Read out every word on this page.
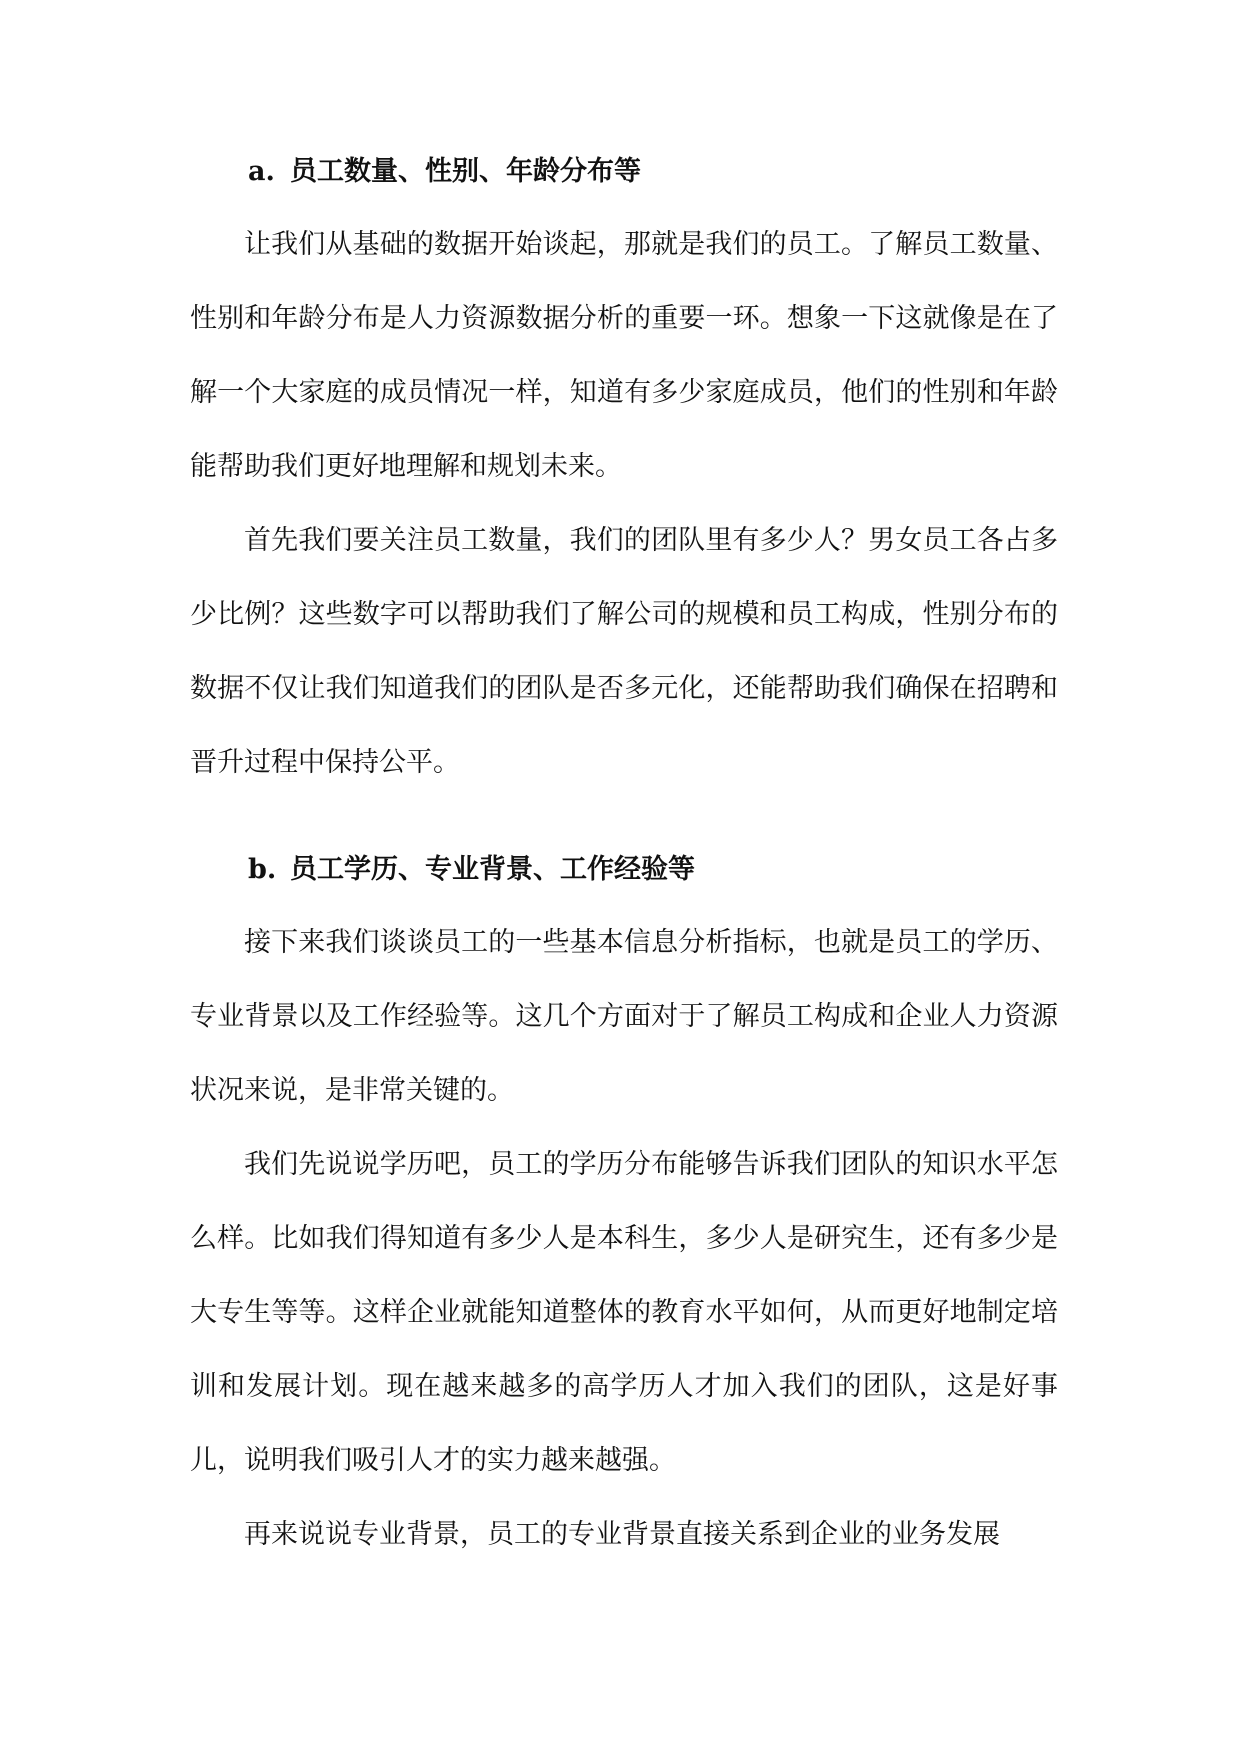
a. 员工数量、性别、年龄分布等

让我们从基础的数据开始谈起，那就是我们的员工。了解员工数量、性别和年龄分布是人力资源数据分析的重要一环。想象一下这就像是在了解一个大家庭的成员情况一样，知道有多少家庭成员，他们的性别和年龄能帮助我们更好地理解和规划未来。

首先我们要关注员工数量，我们的团队里有多少人？男女员工各占多少比例？这些数字可以帮助我们了解公司的规模和员工构成，性别分布的数据不仅让我们知道我们的团队是否多元化，还能帮助我们确保在招聘和晋升过程中保持公平。

b. 员工学历、专业背景、工作经验等

接下来我们谈谈员工的一些基本信息分析指标，也就是员工的学历、专业背景以及工作经验等。这几个方面对于了解员工构成和企业人力资源状况来说，是非常关键的。

我们先说说学历吧，员工的学历分布能够告诉我们团队的知识水平怎么样。比如我们得知道有多少人是本科生，多少人是研究生，还有多少是大专生等等。这样企业就能知道整体的教育水平如何，从而更好地制定培训和发展计划。现在越来越多的高学历人才加入我们的团队，这是好事儿，说明我们吸引人才的实力越来越强。

再来说说专业背景，员工的专业背景直接关系到企业的业务发展
